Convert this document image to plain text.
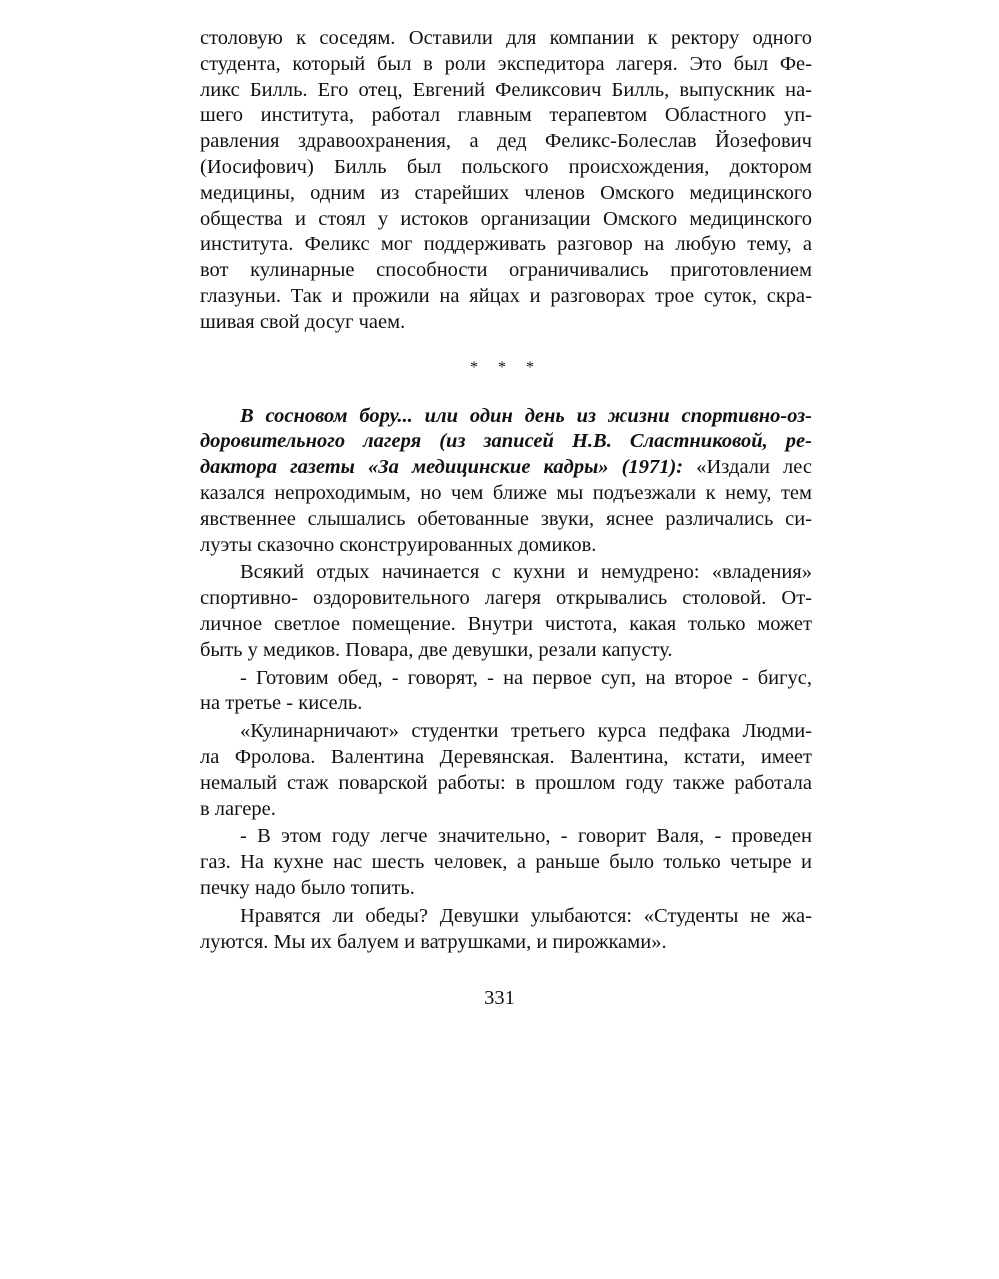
столовую к соседям. Оставили для компании к ректору одного
студента, который был в роли экспедитора лагеря. Это был Фе-
ликс Билль. Его отец, Евгений Феликсович Билль, выпускник на-
шего института, работал главным терапевтом Областного уп-
равления здравоохранения, а дед Феликс-Болеслав Йозефович
(Иосифович) Билль был польского происхождения, доктором
медицины, одним из старейших членов Омского медицинского
общества и стоял у истоков организации Омского медицинского
института. Феликс мог поддерживать разговор на любую тему, а
вот кулинарные способности ограничивались приготовлением
глазуньи. Так и прожили на яйцах и разговорах трое суток, скра-
шивая свой досуг чаем.
* * *
В сосновом бору... или один день из жизни спортивно-оз-
доровительного лагеря (из записей Н.В. Сластниковой, ре-
дактора газеты «За медицинские кадры» (1971): «Издали лес
казался непроходимым, но чем ближе мы подъезжали к нему, тем
явственнее слышались обетованные звуки, яснее различались си-
луэты сказочно сконструированных домиков.
Всякий отдых начинается с кухни и немудрено: «владения»
спортивно- оздоровительного лагеря открывались столовой. От-
личное светлое помещение. Внутри чистота, какая только может
быть у медиков. Повара, две девушки, резали капусту.
- Готовим обед, - говорят, - на первое суп, на второе - бигус,
на третье - кисель.
«Кулинарничают» студентки третьего курса педфака Людми-
ла Фролова. Валентина Деревянская. Валентина, кстати, имеет
немалый стаж поварской работы: в прошлом году также работала
в лагере.
- В этом году легче значительно, - говорит Валя, - проведен
газ. На кухне нас шесть человек, а раньше было только четыре и
печку надо было топить.
Нравятся ли обеды? Девушки улыбаются: «Студенты не жа-
луются. Мы их балуем и ватрушками, и пирожками».
331
